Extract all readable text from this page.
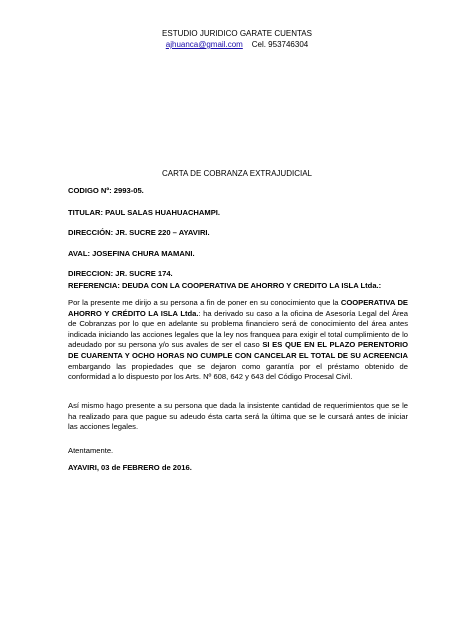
ESTUDIO JURIDICO GARATE CUENTAS
ajhuanca@gmail.com Cel. 953746304
CARTA DE COBRANZA EXTRAJUDICIAL
CODIGO Nº: 2993-05.
TITULAR: PAUL SALAS HUAHUACHAMPI.
DIRECCIÓN: JR. SUCRE 220 – AYAVIRI.
AVAL: JOSEFINA CHURA MAMANI.
DIRECCION: JR. SUCRE 174.
REFERENCIA: DEUDA CON LA COOPERATIVA DE AHORRO Y CREDITO LA ISLA Ltda.:
Por la presente me dirijo a su persona a fin de poner en su conocimiento que la COOPERATIVA DE AHORRO Y CRÉDITO LA ISLA Ltda.: ha derivado su caso a la oficina de Asesoría Legal del Área de Cobranzas por lo que en adelante su problema financiero será de conocimiento del área antes indicada iniciando las acciones legales que la ley nos franquea para exigir el total cumplimiento de lo adeudado por su persona y/o sus avales de ser el caso SI ES QUE EN EL PLAZO PERENTORIO DE CUARENTA Y OCHO HORAS NO CUMPLE CON CANCELAR EL TOTAL DE SU ACREENCIA embargando las propiedades que se dejaron como garantía por el préstamo obtenido de conformidad a lo dispuesto por los Arts. Nº 608, 642 y 643 del Código Procesal Civil.
Así mismo hago presente a su persona que dada la insistente cantidad de requerimientos que se le ha realizado para que pague su adeudo ésta carta será la última que se le cursará antes de iniciar las acciones legales.
Atentamente.
AYAVIRI, 03 de FEBRERO de 2016.
